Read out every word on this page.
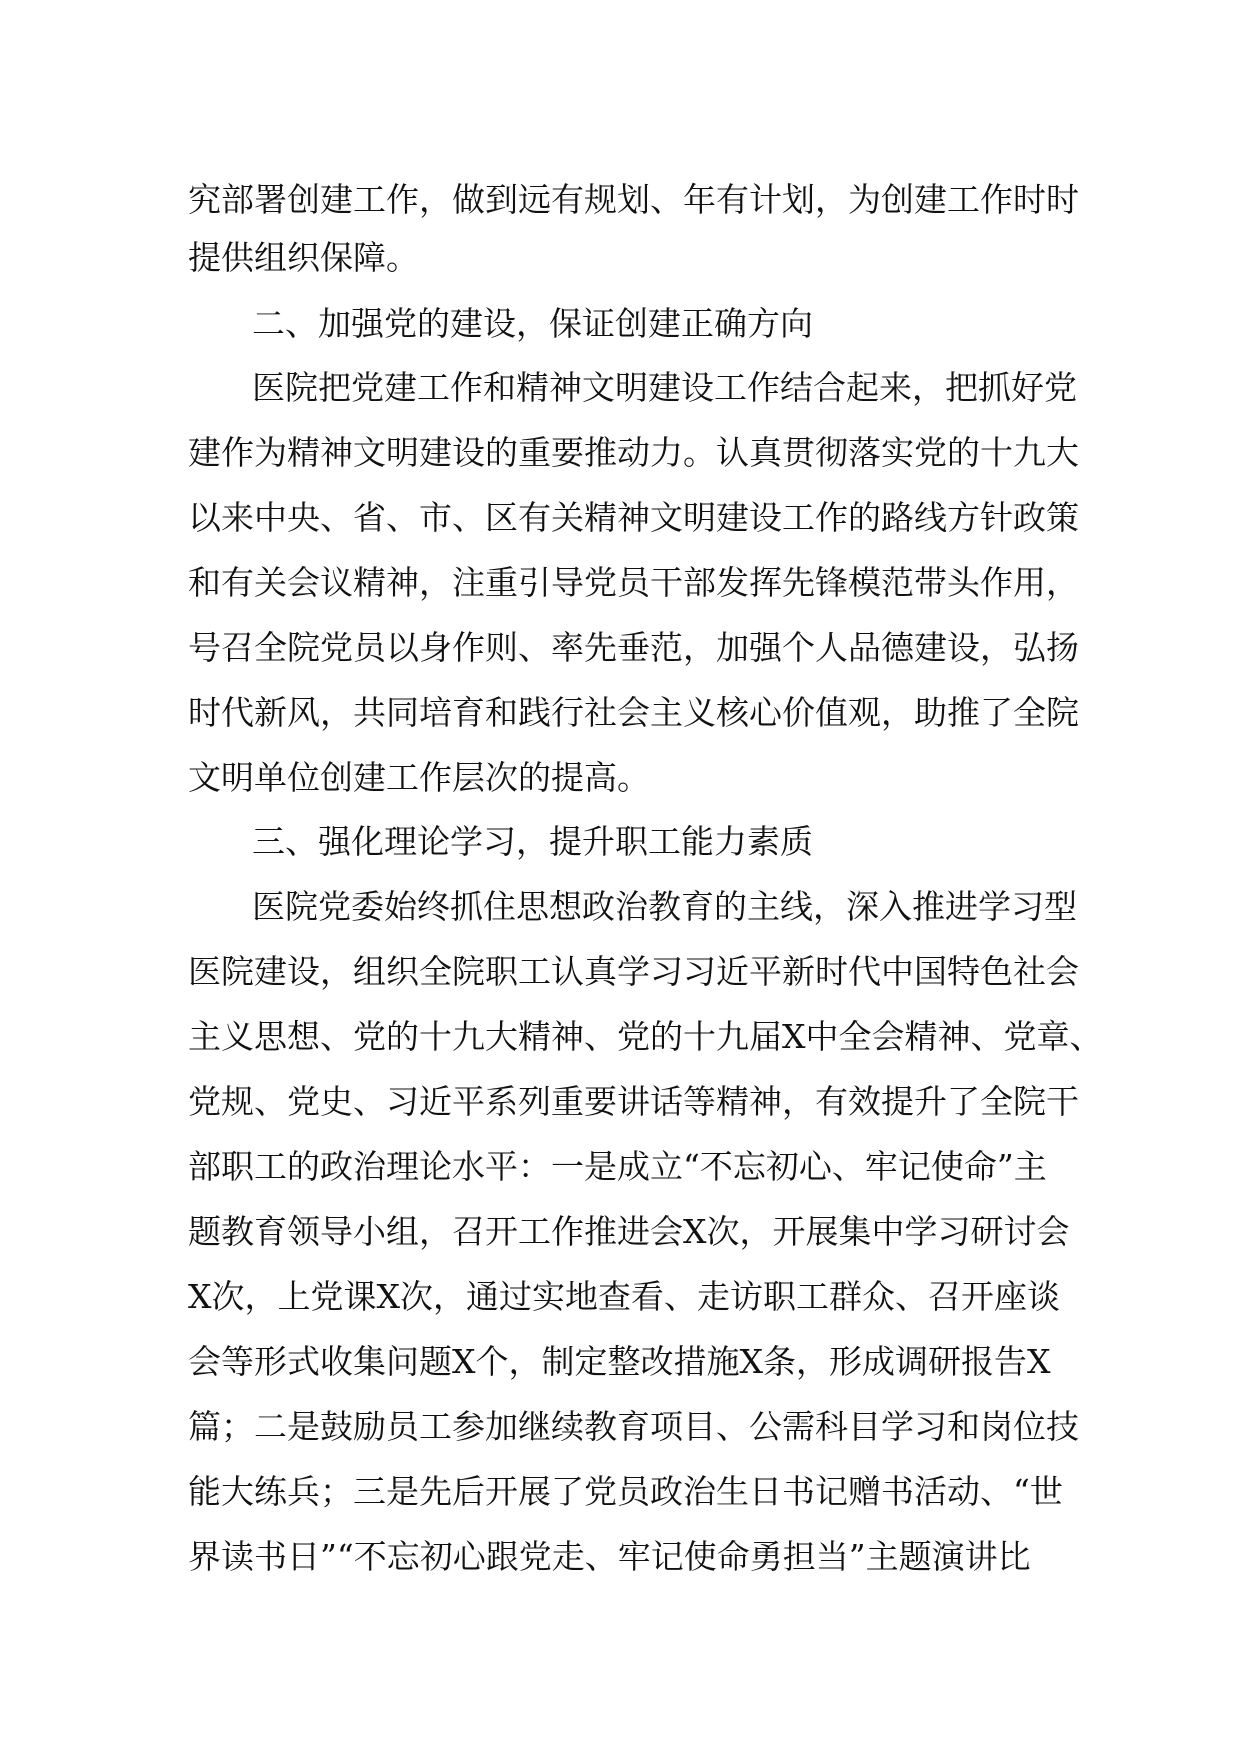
究部署创建工作，做到远有规划、年有计划，为创建工作时时
提供组织保障。
二、加强党的建设，保证创建正确方向
医院把党建工作和精神文明建设工作结合起来，把抓好党
建作为精神文明建设的重要推动力。认真贯彻落实党的十九大
以来中央、省、市、区有关精神文明建设工作的路线方针政策
和有关会议精神，注重引导党员干部发挥先锋模范带头作用，
号召全院党员以身作则、率先垂范，加强个人品德建设，弘扬
时代新风，共同培育和践行社会主义核心价值观，助推了全院
文明单位创建工作层次的提高。
三、强化理论学习，提升职工能力素质
医院党委始终抓住思想政治教育的主线，深入推进学习型
医院建设，组织全院职工认真学习习近平新时代中国特色社会
主义思想、党的十九大精神、党的十九届X中全会精神、党章、
党规、党史、习近平系列重要讲话等精神，有效提升了全院干
部职工的政治理论水平：一是成立“不忘初心、牢记使命”主
题教育领导小组，召开工作推进会X次，开展集中学习研讨会
X次，上党课X次，通过实地查看、走访职工群众、召开座谈
会等形式收集问题X个，制定整改措施X条，形成调研报告X
篇；二是鼓励员工参加继续教育项目、公需科目学习和岗位技
能大练兵；三是先后开展了党员政治生日书记赠书活动、“世
界读书日”“不忘初心跟党走、牢记使命勇担当”主题演讲比
